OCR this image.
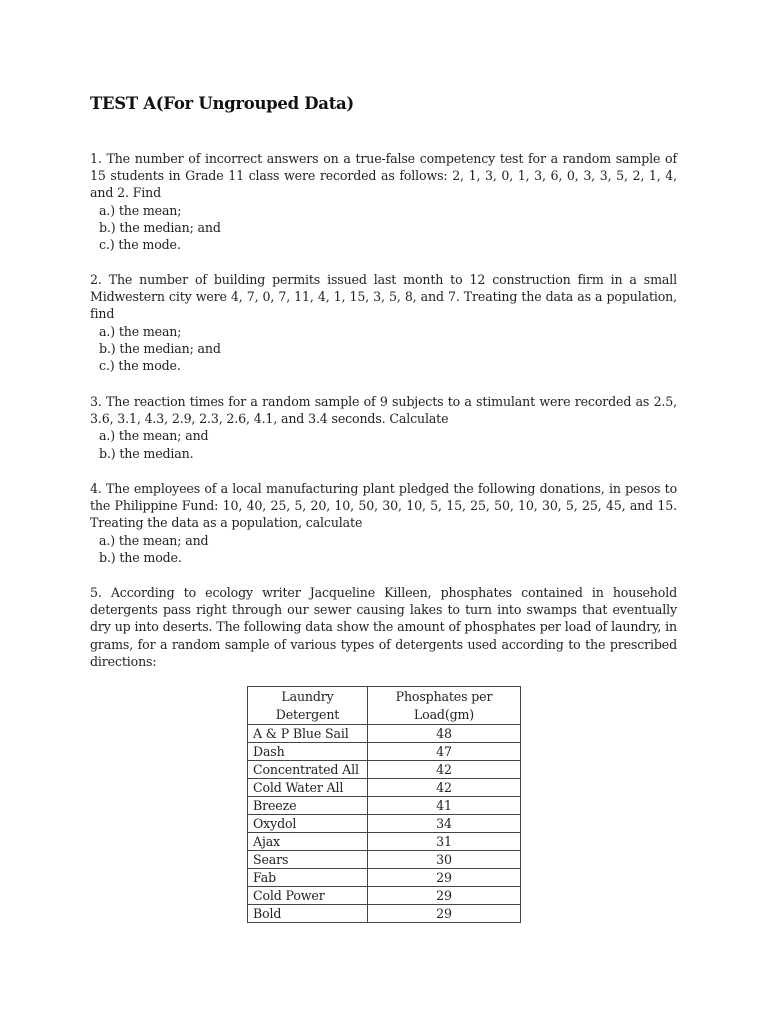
TEST A(For Ungrouped Data)

1. The number of incorrect answers on a true-false competency test for a random sample of 15 students in Grade 11 class were recorded as follows: 2, 1, 3, 0, 1, 3, 6, 0, 3, 3, 5, 2, 1, 4, and 2. Find

a.) the mean;

b.) the median; and

c.) the mode.

2. The number of building permits issued last month to 12 construction firm in a small Midwestern city were 4, 7, 0, 7, 11, 4, 1, 15, 3, 5, 8, and 7. Treating the data as a population, find

a.) the mean;

b.) the median; and

c.) the mode.

3. The reaction times for a random sample of 9 subjects to a stimulant were recorded as 2.5, 3.6, 3.1, 4.3, 2.9, 2.3, 2.6, 4.1, and 3.4 seconds. Calculate

a.) the mean; and

b.) the median.

4. The employees of a local manufacturing plant pledged the following donations, in pesos to the Philippine Fund: 10, 40, 25, 5, 20, 10, 50, 30, 10, 5, 15, 25, 50, 10, 30, 5, 25, 45, and 15. Treating the data as a population, calculate

a.) the mean; and

b.) the mode.

5. According to ecology writer Jacqueline Killeen, phosphates contained in household detergents pass right through our sewer causing lakes to turn into swamps that eventually dry up into deserts. The following data show the amount of phosphates per load of laundry, in grams, for a random sample of various types of detergents used according to the prescribed directions:

Laundry Detergent	Phosphates per Load(gm)
A & P Blue Sail	48
Dash	47
Concentrated All	42
Cold Water All	42
Breeze	41
Oxydol	34
Ajax	31
Sears	30
Fab	29
Cold Power	29
Bold	29
